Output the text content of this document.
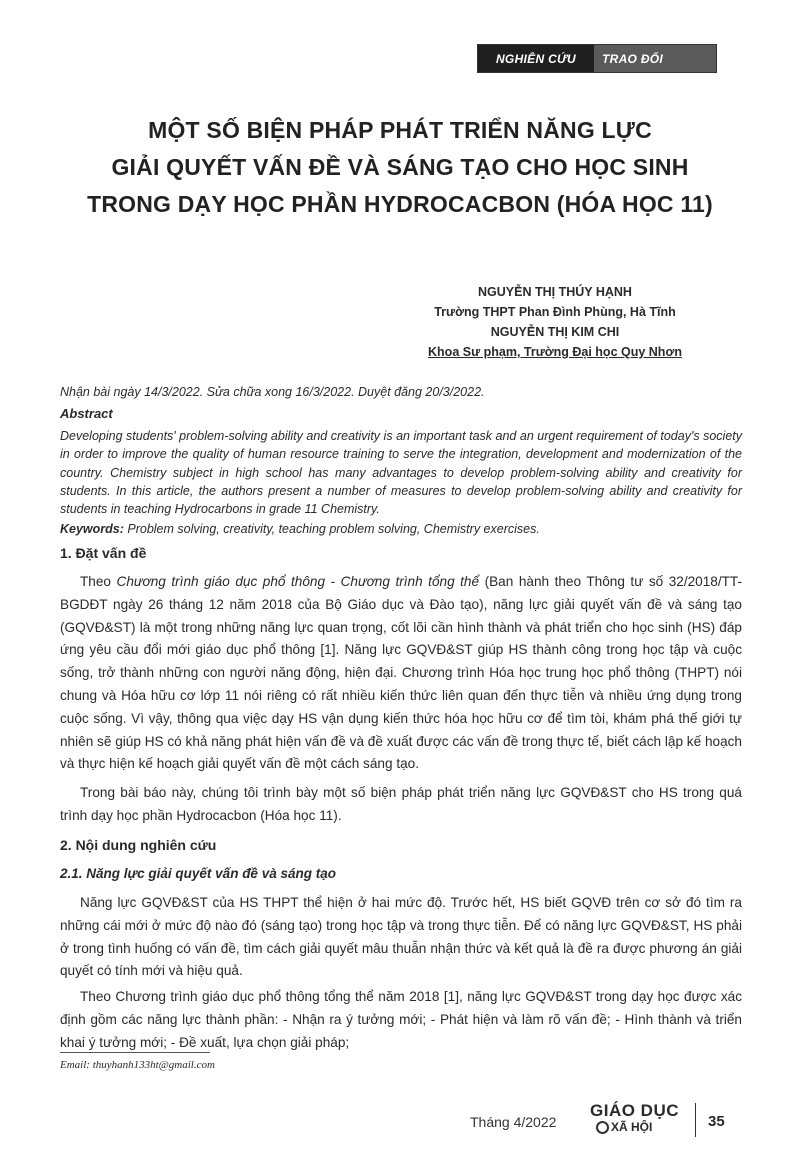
NGHIÊN CỨU	TRAO ĐỔI
MỘT SỐ BIỆN PHÁP PHÁT TRIỂN NĂNG LỰC
GIẢI QUYẾT VẤN ĐỀ VÀ SÁNG TẠO CHO HỌC SINH
TRONG DẠY HỌC PHẦN HYDROCACBON (HÓA HỌC 11)
NGUYỄN THỊ THÚY HẠNH
Trường THPT Phan Đình Phùng, Hà Tĩnh
NGUYỄN THỊ KIM CHI
Khoa Sư phạm, Trường Đại học Quy Nhơn
Nhận bài ngày 14/3/2022. Sửa chữa xong 16/3/2022. Duyệt đăng 20/3/2022.
Abstract
Developing students' problem-solving ability and creativity is an important task and an urgent requirement of today's society in order to improve the quality of human resource training to serve the integration, development and modernization of the country. Chemistry subject in high school has many advantages to develop problem-solving ability and creativity for students. In this article, the authors present a number of measures to develop problem-solving ability and creativity for students in teaching Hydrocarbons in grade 11 Chemistry.
Keywords: Problem solving, creativity, teaching problem solving, Chemistry exercises.
1. Đặt vấn đề
Theo Chương trình giáo dục phổ thông - Chương trình tổng thể (Ban hành theo Thông tư số 32/2018/TT-BGDĐT ngày 26 tháng 12 năm 2018 của Bộ Giáo dục và Đào tạo), năng lực giải quyết vấn đề và sáng tạo (GQVĐ&ST) là một trong những năng lực quan trọng, cốt lõi cần hình thành và phát triển cho học sinh (HS) đáp ứng yêu cầu đổi mới giáo dục phổ thông [1]. Năng lực GQVĐ&ST giúp HS thành công trong học tập và cuộc sống, trở thành những con người năng động, hiện đại. Chương trình Hóa học trung học phổ thông (THPT) nói chung và Hóa hữu cơ lớp 11 nói riêng có rất nhiều kiến thức liên quan đến thực tiễn và nhiều ứng dụng trong cuộc sống. Vì vậy, thông qua việc dạy HS vận dụng kiến thức hóa học hữu cơ để tìm tòi, khám phá thế giới tự nhiên sẽ giúp HS có khả năng phát hiện vấn đề và đề xuất được các vấn đề trong thực tế, biết cách lập kế hoạch và thực hiện kế hoạch giải quyết vấn đề một cách sáng tạo.
Trong bài báo này, chúng tôi trình bày một số biện pháp phát triển năng lực GQVĐ&ST cho HS trong quá trình dạy học phần Hydrocacbon (Hóa học 11).
2. Nội dung nghiên cứu
2.1. Năng lực giải quyết vấn đề và sáng tạo
Năng lực GQVĐ&ST của HS THPT thể hiện ở hai mức độ. Trước hết, HS biết GQVĐ trên cơ sở đó tìm ra những cái mới ở mức độ nào đó (sáng tạo) trong học tập và trong thực tiễn. Để có năng lực GQVĐ&ST, HS phải ở trong tình huống có vấn đề, tìm cách giải quyết mâu thuẫn nhận thức và kết quả là đề ra được phương án giải quyết có tính mới và hiệu quả.
Theo Chương trình giáo dục phổ thông tổng thể năm 2018 [1], năng lực GQVĐ&ST trong dạy học được xác định gồm các năng lực thành phần: - Nhận ra ý tưởng mới; - Phát hiện và làm rõ vấn đề; - Hình thành và triển khai ý tưởng mới; - Đề xuất, lựa chọn giải pháp;
Email: thuyhanh133ht@gmail.com
Tháng 4/2022
GIÁO DỤC
XÃ HỘI	35
